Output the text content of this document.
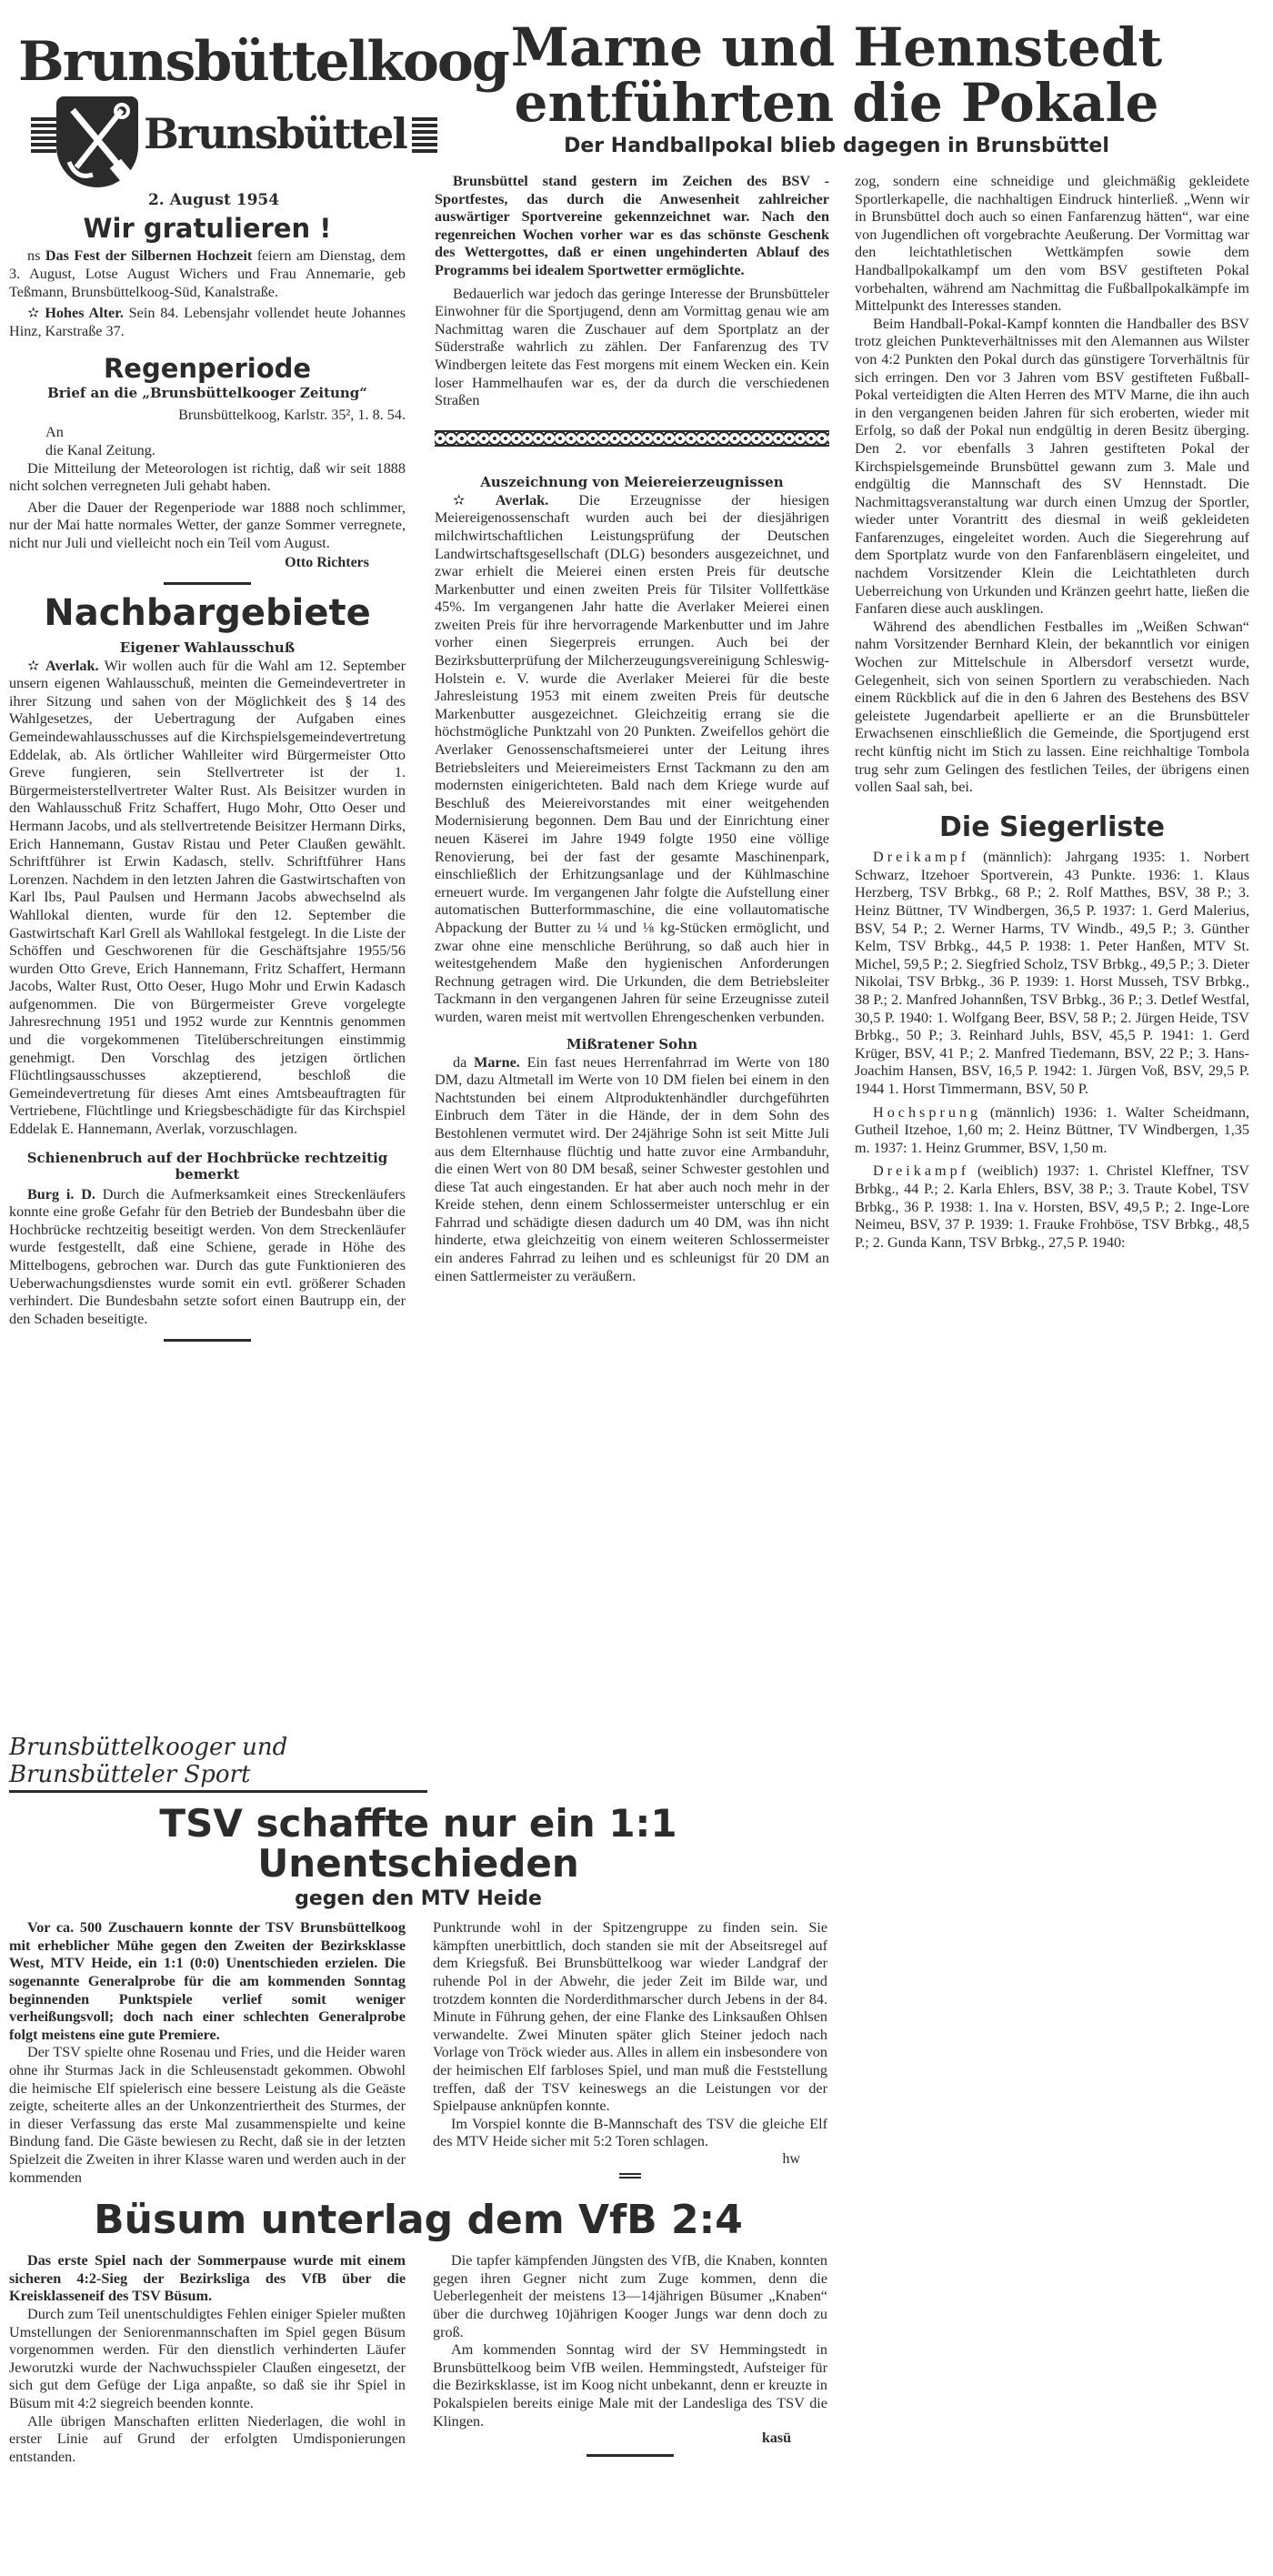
Brunsbüttelkoog
Brunsbüttel
2. August 1954
Wir gratulieren !

ns Das Fest der Silbernen Hochzeit feiern am Dienstag, dem 3. August, Lotse August Wichers und Frau Annemarie, geb Teßmann, Brunsbüttelkoog-Süd, Kanalstraße.

✫ Hohes Alter. Sein 84. Lebensjahr vollendet heute Johannes Hinz, Karstraße 37.

Regenperiode

Brief an die „Brunsbüttelkooger Zeitung“

Brunsbüttelkoog, Karlstr. 35², 1. 8. 54.

An

die Kanal Zeitung.

Die Mitteilung der Meteorologen ist richtig, daß wir seit 1888 nicht solchen verregneten Juli gehabt haben.

Aber die Dauer der Regenperiode war 1888 noch schlimmer, nur der Mai hatte normales Wetter, der ganze Sommer verregnete, nicht nur Juli und vielleicht noch ein Teil vom August.

Otto Richters
Nachbargebiete

Eigener Wahlausschuß

✫ Averlak. Wir wollen auch für die Wahl am 12. September unsern eigenen Wahlausschuß, meinten die Gemeindevertreter in ihrer Sitzung und sahen von der Möglichkeit des § 14 des Wahlgesetzes, der Uebertragung der Aufgaben eines Gemeindewahlausschusses auf die Kirchspielsgemeindevertretung Eddelak, ab. Als örtlicher Wahlleiter wird Bürgermeister Otto Greve fungieren, sein Stellvertreter ist der 1. Bürgermeisterstellvertreter Walter Rust. Als Beisitzer wurden in den Wahlausschuß Fritz Schaffert, Hugo Mohr, Otto Oeser und Hermann Jacobs, und als stellvertretende Beisitzer Hermann Dirks, Erich Hannemann, Gustav Ristau und Peter Claußen gewählt. Schriftführer ist Erwin Kadasch, stellv. Schriftführer Hans Lorenzen. Nachdem in den letzten Jahren die Gastwirtschaften von Karl Ibs, Paul Paulsen und Hermann Jacobs abwechselnd als Wahllokal dienten, wurde für den 12. September die Gastwirtschaft Karl Grell als Wahllokal festgelegt. In die Liste der Schöffen und Geschworenen für die Geschäftsjahre 1955/56 wurden Otto Greve, Erich Hannemann, Fritz Schaffert, Hermann Jacobs, Walter Rust, Otto Oeser, Hugo Mohr und Erwin Kadasch aufgenommen. Die von Bürgermeister Greve vorgelegte Jahresrechnung 1951 und 1952 wurde zur Kenntnis genommen und die vorgekommenen Titelüberschreitungen einstimmig genehmigt. Den Vorschlag des jetzigen örtlichen Flüchtlingsausschusses akzeptierend, beschloß die Gemeindevertretung für dieses Amt eines Amtsbeauftragten für Vertriebene, Flüchtlinge und Kriegsbeschädigte für das Kirchspiel Eddelak E. Hannemann, Averlak, vorzuschlagen.

Schienenbruch auf der Hochbrücke rechtzeitig bemerkt

Burg i. D. Durch die Aufmerksamkeit eines Streckenläufers konnte eine große Gefahr für den Betrieb der Bundesbahn über die Hochbrücke rechtzeitig beseitigt werden. Von dem Streckenläufer wurde festgestellt, daß eine Schiene, gerade in Höhe des Mittelbogens, gebrochen war. Durch das gute Funktionieren des Ueberwachungsdienstes wurde somit ein evtl. größerer Schaden verhindert. Die Bundesbahn setzte sofort einen Bautrupp ein, der den Schaden beseitigte.

Marne und Hennstedt
entführten die Pokale

Der Handballpokal blieb dagegen in Brunsbüttel

Brunsbüttel stand gestern im Zeichen des BSV - Sportfestes, das durch die Anwesenheit zahlreicher auswärtiger Sportvereine gekennzeichnet war. Nach den regenreichen Wochen vorher war es das schönste Geschenk des Wettergottes, daß er einen ungehinderten Ablauf des Programms bei idealem Sportwetter ermöglichte.

Bedauerlich war jedoch das geringe Interesse der Brunsbütteler Einwohner für die Sportjugend, denn am Vormittag genau wie am Nachmittag waren die Zuschauer auf dem Sportplatz an der Süderstraße wahrlich zu zählen. Der Fanfarenzug des TV Windbergen leitete das Fest morgens mit einem Wecken ein. Kein loser Hammelhaufen war es, der da durch die verschiedenen Straßen

Auszeichnung von Meiereierzeugnissen

✫ Averlak. Die Erzeugnisse der hiesigen Meiereigenossenschaft wurden auch bei der diesjährigen milchwirtschaftlichen Leistungsprüfung der Deutschen Landwirtschaftsgesellschaft (DLG) besonders ausgezeichnet, und zwar erhielt die Meierei einen ersten Preis für deutsche Markenbutter und einen zweiten Preis für Tilsiter Vollfettkäse 45%. Im vergangenen Jahr hatte die Averlaker Meierei einen zweiten Preis für ihre hervorragende Markenbutter und im Jahre vorher einen Siegerpreis errungen. Auch bei der Bezirksbutterprüfung der Milcherzeugungsvereinigung Schleswig-Holstein e. V. wurde die Averlaker Meierei für die beste Jahresleistung 1953 mit einem zweiten Preis für deutsche Markenbutter ausgezeichnet. Gleichzeitig errang sie die höchstmögliche Punktzahl von 20 Punkten. Zweifellos gehört die Averlaker Genossenschaftsmeierei unter der Leitung ihres Betriebsleiters und Meiereimeisters Ernst Tackmann zu den am modernsten einigerichteten. Bald nach dem Kriege wurde auf Beschluß des Meiereivorstandes mit einer weitgehenden Modernisierung begonnen. Dem Bau und der Einrichtung einer neuen Käserei im Jahre 1949 folgte 1950 eine völlige Renovierung, bei der fast der gesamte Maschinenpark, einschließlich der Erhitzungsanlage und der Kühlmaschine erneuert wurde. Im vergangenen Jahr folgte die Aufstellung einer automatischen Butterformmaschine, die eine vollautomatische Abpackung der Butter zu ¼ und ⅛ kg-Stücken ermöglicht, und zwar ohne eine menschliche Berührung, so daß auch hier in weitestgehendem Maße den hygienischen Anforderungen Rechnung getragen wird. Die Urkunden, die dem Betriebsleiter Tackmann in den vergangenen Jahren für seine Erzeugnisse zuteil wurden, waren meist mit wertvollen Ehrengeschenken verbunden.

Mißratener Sohn

da Marne. Ein fast neues Herrenfahrrad im Werte von 180 DM, dazu Altmetall im Werte von 10 DM fielen bei einem in den Nachtstunden bei einem Altproduktenhändler durchgeführten Einbruch dem Täter in die Hände, der in dem Sohn des Bestohlenen vermutet wird. Der 24jährige Sohn ist seit Mitte Juli aus dem Elternhause flüchtig und hatte zuvor eine Armbanduhr, die einen Wert von 80 DM besaß, seiner Schwester gestohlen und diese Tat auch eingestanden. Er hat aber auch noch mehr in der Kreide stehen, denn einem Schlossermeister unterschlug er ein Fahrrad und schädigte diesen dadurch um 40 DM, was ihn nicht hinderte, etwa gleichzeitig von einem weiteren Schlossermeister ein anderes Fahrrad zu leihen und es schleunigst für 20 DM an einen Sattlermeister zu veräußern.

zog, sondern eine schneidige und gleichmäßig gekleidete Sportlerkapelle, die nachhaltigen Eindruck hinterließ. „Wenn wir in Brunsbüttel doch auch so einen Fanfarenzug hätten“, war eine von Jugendlichen oft vorgebrachte Aeußerung. Der Vormittag war den leichtathletischen Wettkämpfen sowie dem Handballpokalkampf um den vom BSV gestifteten Pokal vorbehalten, während am Nachmittag die Fußballpokalkämpfe im Mittelpunkt des Interesses standen.

Beim Handball-Pokal-Kampf konnten die Handballer des BSV trotz gleichen Punkteverhältnisses mit den Alemannen aus Wilster von 4:2 Punkten den Pokal durch das günstigere Torverhältnis für sich erringen. Den vor 3 Jahren vom BSV gestifteten Fußball-Pokal verteidigten die Alten Herren des MTV Marne, die ihn auch in den vergangenen beiden Jahren für sich eroberten, wieder mit Erfolg, so daß der Pokal nun endgültig in deren Besitz überging. Den 2. vor ebenfalls 3 Jahren gestifteten Pokal der Kirchspielsgemeinde Brunsbüttel gewann zum 3. Male und endgültig die Mannschaft des SV Hennstadt. Die Nachmittagsveranstaltung war durch einen Umzug der Sportler, wieder unter Vorantritt des diesmal in weiß gekleideten Fanfarenzuges, eingeleitet worden. Auch die Siegerehrung auf dem Sportplatz wurde von den Fanfarenbläsern eingeleitet, und nachdem Vorsitzender Klein die Leichtathleten durch Ueberreichung von Urkunden und Kränzen geehrt hatte, ließen die Fanfaren diese auch ausklingen.

Während des abendlichen Festballes im „Weißen Schwan“ nahm Vorsitzender Bernhard Klein, der bekanntlich vor einigen Wochen zur Mittelschule in Albersdorf versetzt wurde, Gelegenheit, sich von seinen Sportlern zu verabschieden. Nach einem Rückblick auf die in den 6 Jahren des Bestehens des BSV geleistete Jugendarbeit apellierte er an die Brunsbütteler Erwachsenen einschließlich die Gemeinde, die Sportjugend erst recht künftig nicht im Stich zu lassen. Eine reichhaltige Tombola trug sehr zum Gelingen des festlichen Teiles, der übrigens einen vollen Saal sah, bei.

Die Siegerliste

Dreikampf (männlich): Jahrgang 1935: 1. Norbert Schwarz, Itzehoer Sportverein, 43 Punkte. 1936: 1. Klaus Herzberg, TSV Brbkg., 68 P.; 2. Rolf Matthes, BSV, 38 P.; 3. Heinz Büttner, TV Windbergen, 36,5 P. 1937: 1. Gerd Malerius, BSV, 54 P.; 2. Werner Harms, TV Windb., 49,5 P.; 3. Günther Kelm, TSV Brbkg., 44,5 P. 1938: 1. Peter Hanßen, MTV St. Michel, 59,5 P.; 2. Siegfried Scholz, TSV Brbkg., 49,5 P.; 3. Dieter Nikolai, TSV Brbkg., 36 P. 1939: 1. Horst Musseh, TSV Brbkg., 38 P.; 2. Manfred Johannßen, TSV Brbkg., 36 P.; 3. Detlef Westfal, 30,5 P. 1940: 1. Wolfgang Beer, BSV, 58 P.; 2. Jürgen Heide, TSV Brbkg., 50 P.; 3. Reinhard Juhls, BSV, 45,5 P. 1941: 1. Gerd Krüger, BSV, 41 P.; 2. Manfred Tiedemann, BSV, 22 P.; 3. Hans-Joachim Hansen, BSV, 16,5 P. 1942: 1. Jürgen Voß, BSV, 29,5 P. 1944 1. Horst Timmermann, BSV, 50 P.

Hochsprung (männlich) 1936: 1. Walter Scheidmann, Gutheil Itzehoe, 1,60 m; 2. Heinz Büttner, TV Windbergen, 1,35 m. 1937: 1. Heinz Grummer, BSV, 1,50 m.

Dreikampf (weiblich) 1937: 1. Christel Kleffner, TSV Brbkg., 44 P.; 2. Karla Ehlers, BSV, 38 P.; 3. Traute Kobel, TSV Brbkg., 36 P. 1938: 1. Ina v. Horsten, BSV, 49,5 P.; 2. Inge-Lore Neimeu, BSV, 37 P. 1939: 1. Frauke Frohböse, TSV Brbkg., 48,5 P.; 2. Gunda Kann, TSV Brbkg., 27,5 P. 1940:

Brunsbüttelkooger und Brunsbütteler Sport
TSV schaffte nur ein 1:1 Unentschieden

gegen den MTV Heide

Vor ca. 500 Zuschauern konnte der TSV Brunsbüttelkoog mit erheblicher Mühe gegen den Zweiten der Bezirksklasse West, MTV Heide, ein 1:1 (0:0) Unentschieden erzielen. Die sogenannte Generalprobe für die am kommenden Sonntag beginnenden Punktspiele verlief somit weniger verheißungsvoll; doch nach einer schlechten Generalprobe folgt meistens eine gute Premiere.

Der TSV spielte ohne Rosenau und Fries, und die Heider waren ohne ihr Sturmas Jack in die Schleusenstadt gekommen. Obwohl die heimische Elf spielerisch eine bessere Leistung als die Geäste zeigte, scheiterte alles an der Unkonzentriertheit des Sturmes, der in dieser Verfassung das erste Mal zusammenspielte und keine Bindung fand. Die Gäste bewiesen zu Recht, daß sie in der letzten Spielzeit die Zweiten in ihrer Klasse waren und werden auch in der kommenden

Punktrunde wohl in der Spitzengruppe zu finden sein. Sie kämpften unerbittlich, doch standen sie mit der Abseitsregel auf dem Kriegsfuß. Bei Brunsbüttelkoog war wieder Landgraf der ruhende Pol in der Abwehr, die jeder Zeit im Bilde war, und trotzdem konnten die Norderdithmarscher durch Jebens in der 84. Minute in Führung gehen, der eine Flanke des Linksaußen Ohlsen verwandelte. Zwei Minuten später glich Steiner jedoch nach Vorlage von Tröck wieder aus. Alles in allem ein insbesondere von der heimischen Elf farbloses Spiel, und man muß die Feststellung treffen, daß der TSV keineswegs an die Leistungen vor der Spielpause anknüpfen konnte.

Im Vorspiel konnte die B-Mannschaft des TSV die gleiche Elf des MTV Heide sicher mit 5:2 Toren schlagen.

hw
Büsum unterlag dem VfB 2:4

Das erste Spiel nach der Sommerpause wurde mit einem sicheren 4:2-Sieg der Bezirksliga des VfB über die Kreisklasseneif des TSV Büsum.

Durch zum Teil unentschuldigtes Fehlen einiger Spieler mußten Umstellungen der Seniorenmannschaften im Spiel gegen Büsum vorgenommen werden. Für den dienstlich verhinderten Läufer Jeworutzki wurde der Nachwuchsspieler Claußen eingesetzt, der sich gut dem Gefüge der Liga anpaßte, so daß sie ihr Spiel in Büsum mit 4:2 siegreich beenden konnte.

Alle übrigen Manschaften erlitten Niederlagen, die wohl in erster Linie auf Grund der erfolgten Umdisponierungen entstanden.

Die tapfer kämpfenden Jüngsten des VfB, die Knaben, konnten gegen ihren Gegner nicht zum Zuge kommen, denn die Ueberlegenheit der meistens 13—14jährigen Büsumer „Knaben“ über die durchweg 10jährigen Kooger Jungs war denn doch zu groß.

Am kommenden Sonntag wird der SV Hemmingstedt in Brunsbüttelkoog beim VfB weilen. Hemmingstedt, Aufsteiger für die Bezirksklasse, ist im Koog nicht unbekannt, denn er kreuzte in Pokalspielen bereits einige Male mit der Landesliga des TSV die Klingen.

kasü
